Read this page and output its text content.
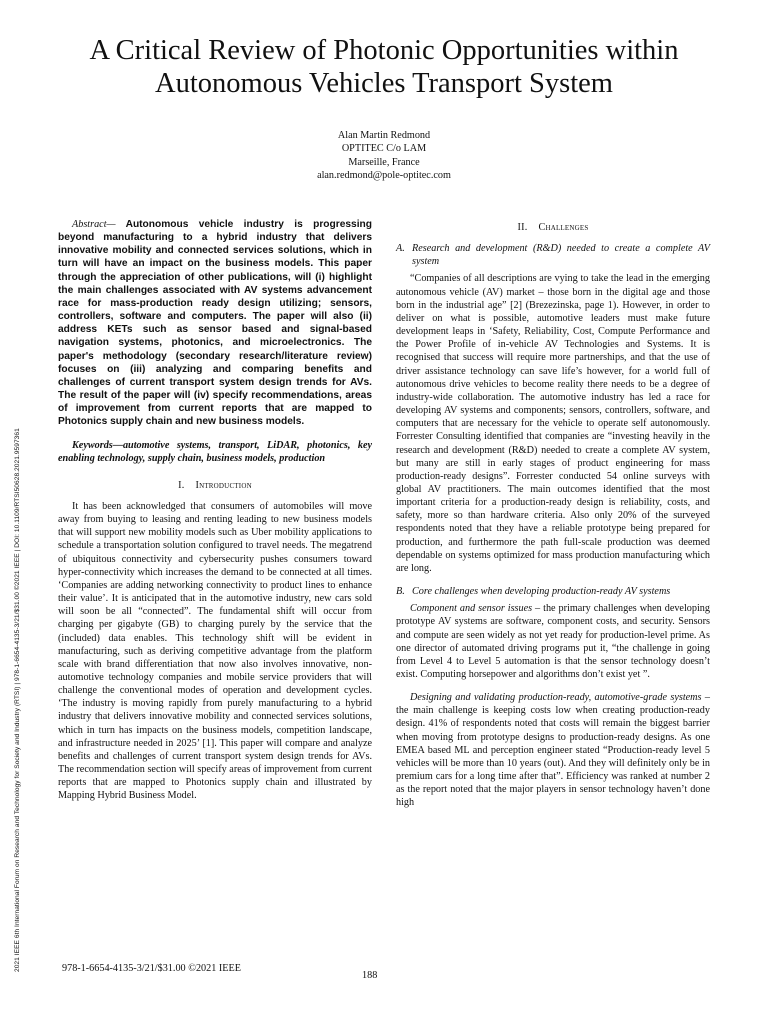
2021 IEEE 6th International Forum on Research and Technology for Society and Industry (RTSI) | 978-1-6654-4135-3/21/$31.00 ©2021 IEEE | DOI: 10.1109/RTSI50628.2021.9597361
A Critical Review of Photonic Opportunities within
Autonomous Vehicles Transport System
Alan Martin Redmond
OPTITEC C/o LAM
Marseille, France
alan.redmond@pole-optitec.com

Abstract— Autonomous vehicle industry is progressing beyond manufacturing to a hybrid industry that delivers innovative mobility and connected services solutions, which in turn will have an impact on the business models. This paper through the appreciation of other publications, will (i) highlight the main challenges associated with AV systems advancement race for mass-production ready design utilizing; sensors, controllers, software and computers. The paper will also (ii) address KETs such as sensor based and signal-based navigation systems, photonics, and microelectronics. The paper's methodology (secondary research/literature review) focuses on (iii) analyzing and comparing benefits and challenges of current transport system design trends for AVs. The result of the paper will (iv) specify recommendations, areas of improvement from current reports that are mapped to Photonics supply chain and new business models.

Keywords—automotive systems, transport, LiDAR, photonics, key enabling technology, supply chain, business models, production

I. Introduction

It has been acknowledged that consumers of automobiles will move away from buying to leasing and renting leading to new business models that will support new mobility models such as Uber mobility applications to schedule a transportation solution configured to travel needs. The megatrend of ubiquitous connectivity and cybersecurity pushes consumers toward hyper-connectivity which increases the demand to be connected at all times. ‘Companies are adding networking connectivity to product lines to enhance their value’. It is anticipated that in the automotive industry, new cars sold will soon be all “connected”. The fundamental shift will occur from charging per gigabyte (GB) to charging purely by the service that the (included) data enables. This technology shift will be evident in manufacturing, such as deriving competitive advantage from the platform scale with brand differentiation that now also involves innovative, non-automotive technology companies and mobile service providers that will challenge the conventional modes of operation and development cycles. ‘The industry is moving rapidly from purely manufacturing to a hybrid industry that delivers innovative mobility and connected services solutions, which in turn has impacts on the business models, competition landscape, and infrastructure needed in 2025’ [1]. This paper will compare and analyze benefits and challenges of current transport system design trends for AVs. The recommendation section will specify areas of improvement from current reports that are mapped to Photonics supply chain and illustrated by Mapping Hybrid Business Model.

II. Challenges
A. Research and development (R&D) needed to create a complete AV system

“Companies of all descriptions are vying to take the lead in the emerging autonomous vehicle (AV) market – those born in the digital age and those born in the industrial age” [2] (Brezezinska, page 1). However, in order to deliver on what is possible, automotive leaders must make future development leaps in ‘Safety, Reliability, Cost, Compute Performance and the Power Profile of in-vehicle AV Technologies and Systems. It is recognised that success will require more partnerships, and that the use of driver assistance technology can save life’s however, for a world full of autonomous drive vehicles to become reality there needs to be a degree of industry-wide collaboration. The automotive industry has led a race for developing AV systems and components; sensors, controllers, software, and computers that are necessary for the vehicle to operate self autonomously. Forrester Consulting identified that companies are “investing heavily in the research and development (R&D) needed to create a complete AV system, but many are still in early stages of product engineering for mass production-ready designs”. Forrester conducted 54 online surveys with global AV practitioners. The main outcomes identified that the most important criteria for a production-ready design is reliability, costs, and safety, more so than hardware criteria. Also only 20% of the surveyed respondents noted that they have a reliable prototype being prepared for production, and furthermore the path full-scale production was deemed dependable on systems optimized for mass production manufacturing which are long.

B. Core challenges when developing production-ready AV systems

Component and sensor issues – the primary challenges when developing prototype AV systems are software, component costs, and security. Sensors and compute are seen widely as not yet ready for production-level prime. As one director of automated driving programs put it, “the challenge in going from Level 4 to Level 5 automation is that the sensor technology doesn’t exist. Computing horsepower and algorithms don’t exist yet ”.

Designing and validating production-ready, automotive-grade systems – the main challenge is keeping costs low when creating production-ready design. 41% of respondents noted that costs will remain the biggest barrier when moving from prototype designs to production-ready designs. As one EMEA based ML and perception engineer stated “Production-ready level 5 vehicles will be more than 10 years (out). And they will definitely only be in premium cars for a long time after that”. Efficiency was ranked at number 2 as the report noted that the major players in sensor technology haven’t done high

978-1-6654-4135-3/21/$31.00 ©2021 IEEE
188
